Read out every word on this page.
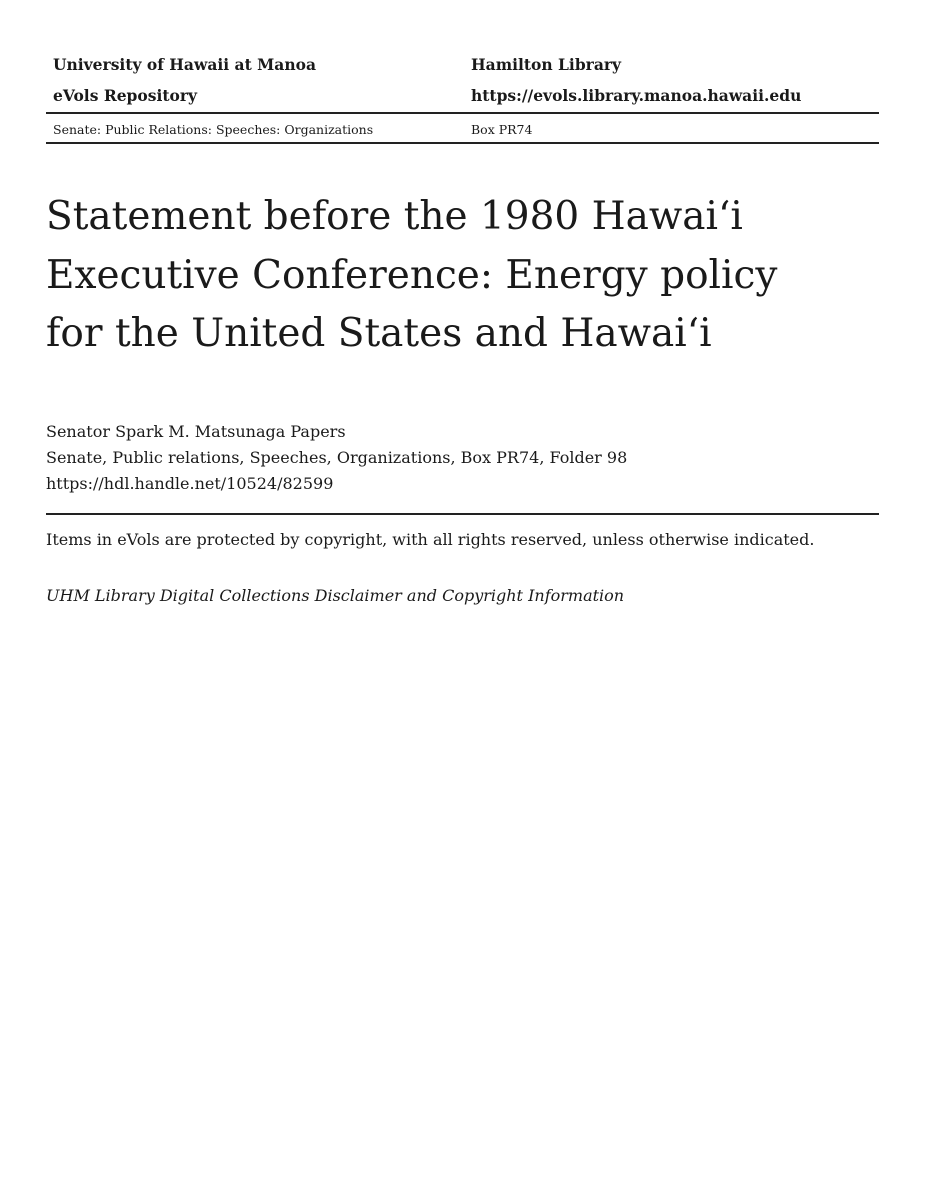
University of Hawaii at Manoa	Hamilton Library
eVols Repository	https://evols.library.manoa.hawaii.edu
Senate: Public Relations: Speeches: Organizations	Box PR74
Statement before the 1980 Hawai‘i Executive Conference: Energy policy for the United States and Hawai‘i
Senator Spark M. Matsunaga Papers
Senate, Public relations, Speeches, Organizations, Box PR74, Folder 98
https://hdl.handle.net/10524/82599
Items in eVols are protected by copyright, with all rights reserved, unless otherwise indicated.
UHM Library Digital Collections Disclaimer and Copyright Information
